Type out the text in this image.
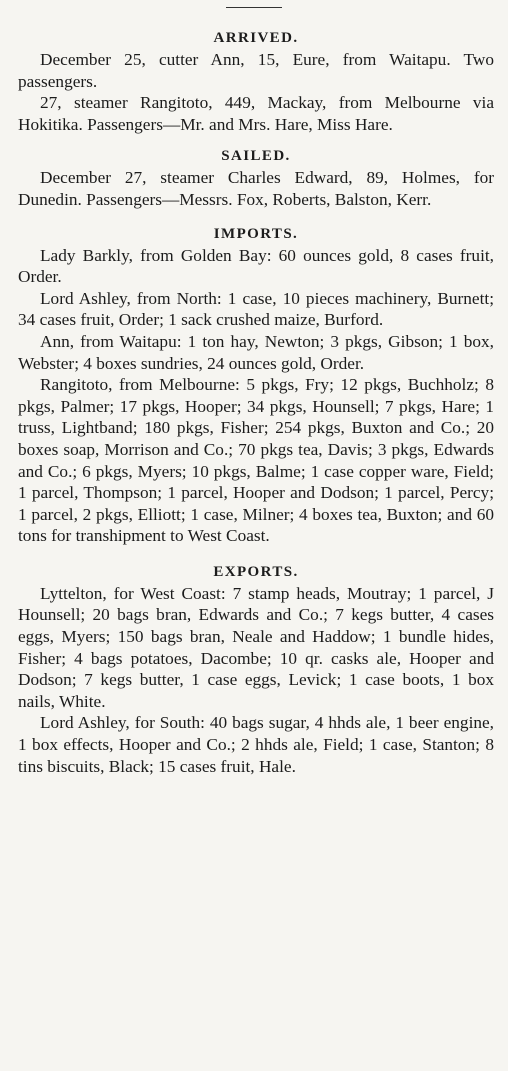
ARRIVED.

December 25, cutter Ann, 15, Eure, from Waitapu. Two passengers.

27, steamer Rangitoto, 449, Mackay, from Melbourne via Hokitika. Passengers—Mr. and Mrs. Hare, Miss Hare.

SAILED.

December 27, steamer Charles Edward, 89, Holmes, for Dunedin. Passengers—Messrs. Fox, Roberts, Balston, Kerr.

IMPORTS.

Lady Barkly, from Golden Bay: 60 ounces gold, 8 cases fruit, Order.

Lord Ashley, from North: 1 case, 10 pieces machinery, Burnett; 34 cases fruit, Order; 1 sack crushed maize, Burford.

Ann, from Waitapu: 1 ton hay, Newton; 3 pkgs, Gibson; 1 box, Webster; 4 boxes sundries, 24 ounces gold, Order.

Rangitoto, from Melbourne: 5 pkgs, Fry; 12 pkgs, Buchholz; 8 pkgs, Palmer; 17 pkgs, Hooper; 34 pkgs, Hounsell; 7 pkgs, Hare; 1 truss, Lightband; 180 pkgs, Fisher; 254 pkgs, Buxton and Co.; 20 boxes soap, Morrison and Co.; 70 pkgs tea, Davis; 3 pkgs, Edwards and Co.; 6 pkgs, Myers; 10 pkgs, Balme; 1 case copper ware, Field; 1 parcel, Thompson; 1 parcel, Hooper and Dodson; 1 parcel, Percy; 1 parcel, 2 pkgs, Elliott; 1 case, Milner; 4 boxes tea, Buxton; and 60 tons for transhipment to West Coast.

EXPORTS.

Lyttelton, for West Coast: 7 stamp heads, Moutray; 1 parcel, J Hounsell; 20 bags bran, Edwards and Co.; 7 kegs butter, 4 cases eggs, Myers; 150 bags bran, Neale and Haddow; 1 bundle hides, Fisher; 4 bags potatoes, Dacombe; 10 qr. casks ale, Hooper and Dodson; 7 kegs butter, 1 case eggs, Levick; 1 case boots, 1 box nails, White.

Lord Ashley, for South: 40 bags sugar, 4 hhds ale, 1 beer engine, 1 box effects, Hooper and Co.; 2 hhds ale, Field; 1 case, Stanton; 8 tins biscuits, Black; 15 cases fruit, Hale.
